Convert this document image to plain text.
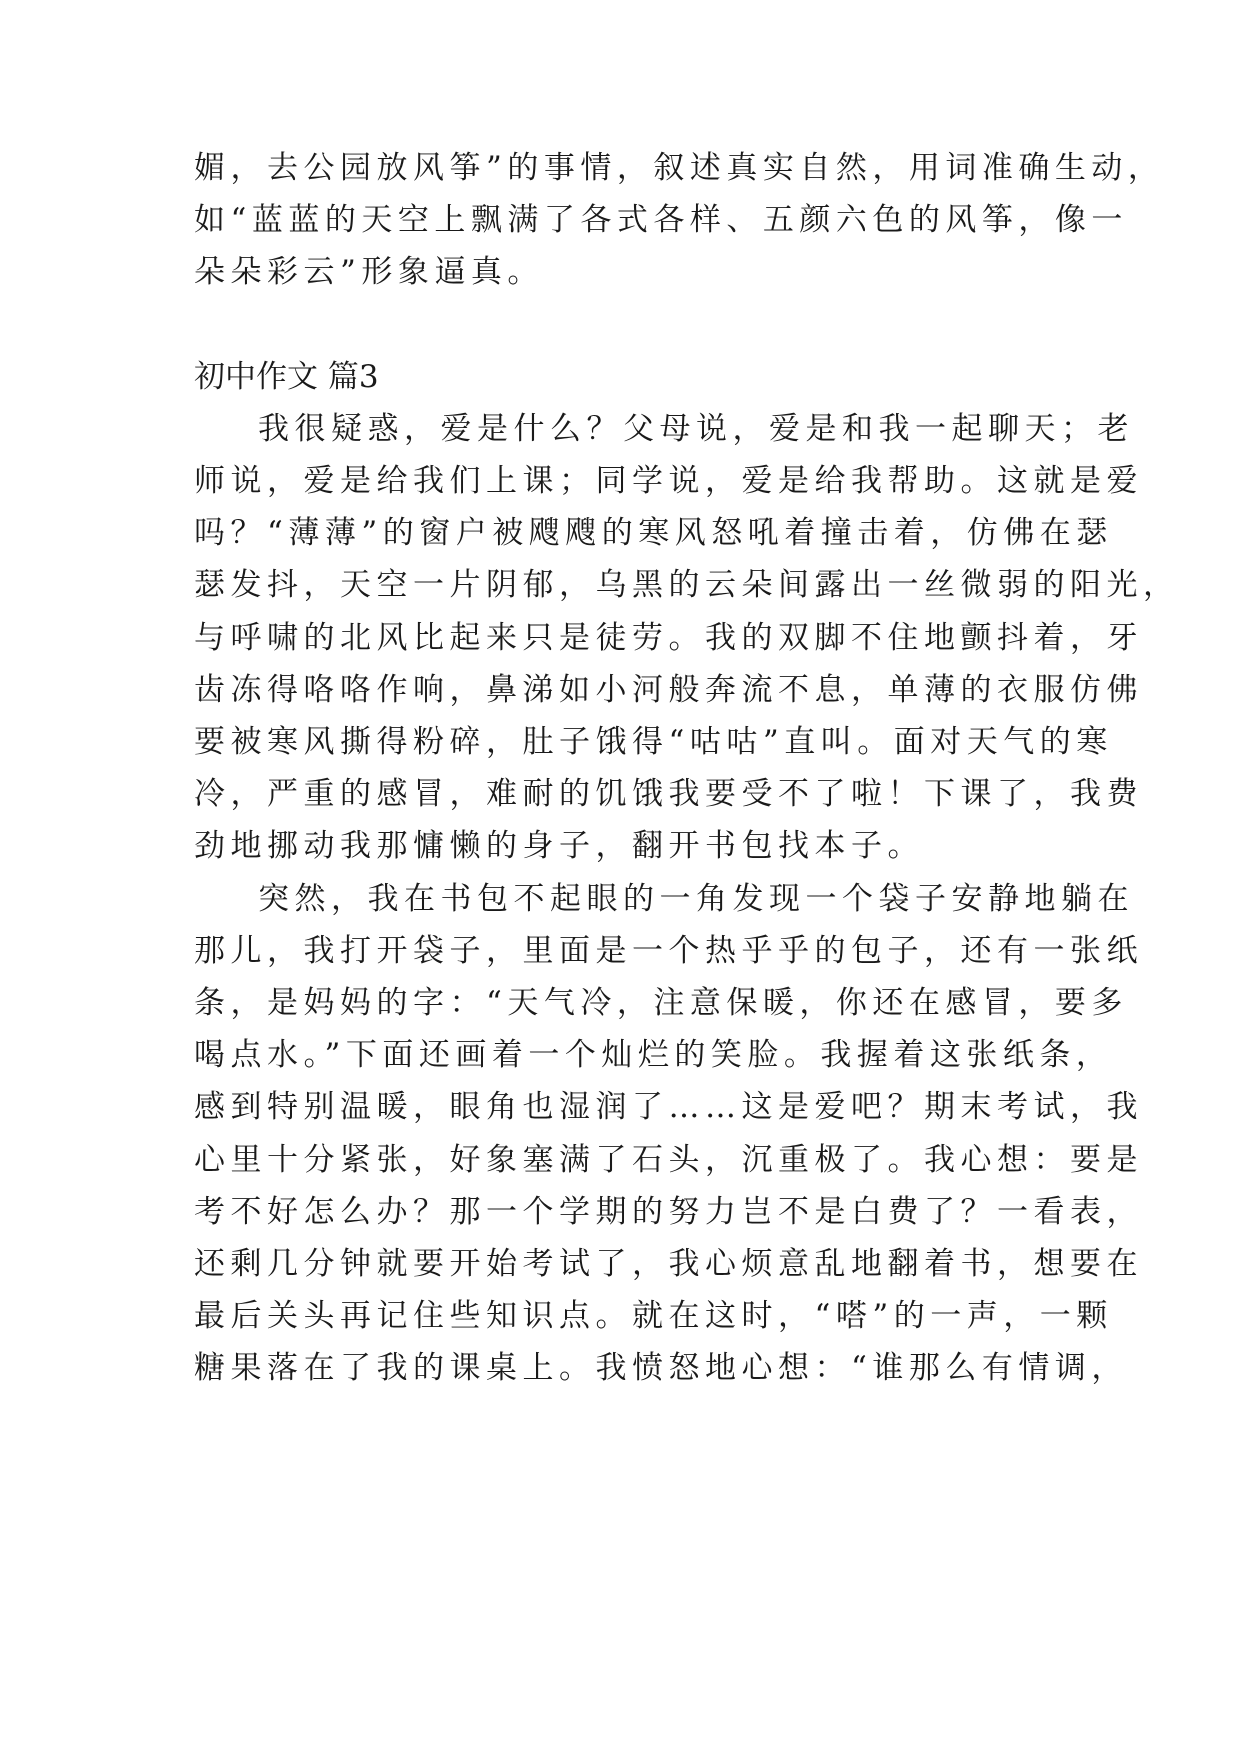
媚，去公园放风筝”的事情，叙述真实自然，用词准确生动，
如“蓝蓝的天空上飘满了各式各样、五颜六色的风筝，像一
朵朵彩云”形象逼真。
初中作文 篇3
我很疑惑，爱是什么？父母说，爱是和我一起聊天；老
师说，爱是给我们上课；同学说，爱是给我帮助。这就是爱
吗？“薄薄”的窗户被飕飕的寒风怒吼着撞击着，仿佛在瑟
瑟发抖，天空一片阴郁，乌黑的云朵间露出一丝微弱的阳光，
与呼啸的北风比起来只是徒劳。我的双脚不住地颤抖着，牙
齿冻得咯咯作响，鼻涕如小河般奔流不息，单薄的衣服仿佛
要被寒风撕得粉碎，肚子饿得“咕咕”直叫。面对天气的寒
冷，严重的感冒，难耐的饥饿我要受不了啦！下课了，我费
劲地挪动我那慵懒的身子，翻开书包找本子。
突然，我在书包不起眼的一角发现一个袋子安静地躺在
那儿，我打开袋子，里面是一个热乎乎的包子，还有一张纸
条，是妈妈的字：“天气冷，注意保暖，你还在感冒，要多
喝点水。”下面还画着一个灿烂的笑脸。我握着这张纸条，
感到特别温暖，眼角也湿润了……这是爱吧？期末考试，我
心里十分紧张，好象塞满了石头，沉重极了。我心想：要是
考不好怎么办？那一个学期的努力岂不是白费了？一看表，
还剩几分钟就要开始考试了，我心烦意乱地翻着书，想要在
最后关头再记住些知识点。就在这时，“嗒”的一声，一颗
糖果落在了我的课桌上。我愤怒地心想：“谁那么有情调，
